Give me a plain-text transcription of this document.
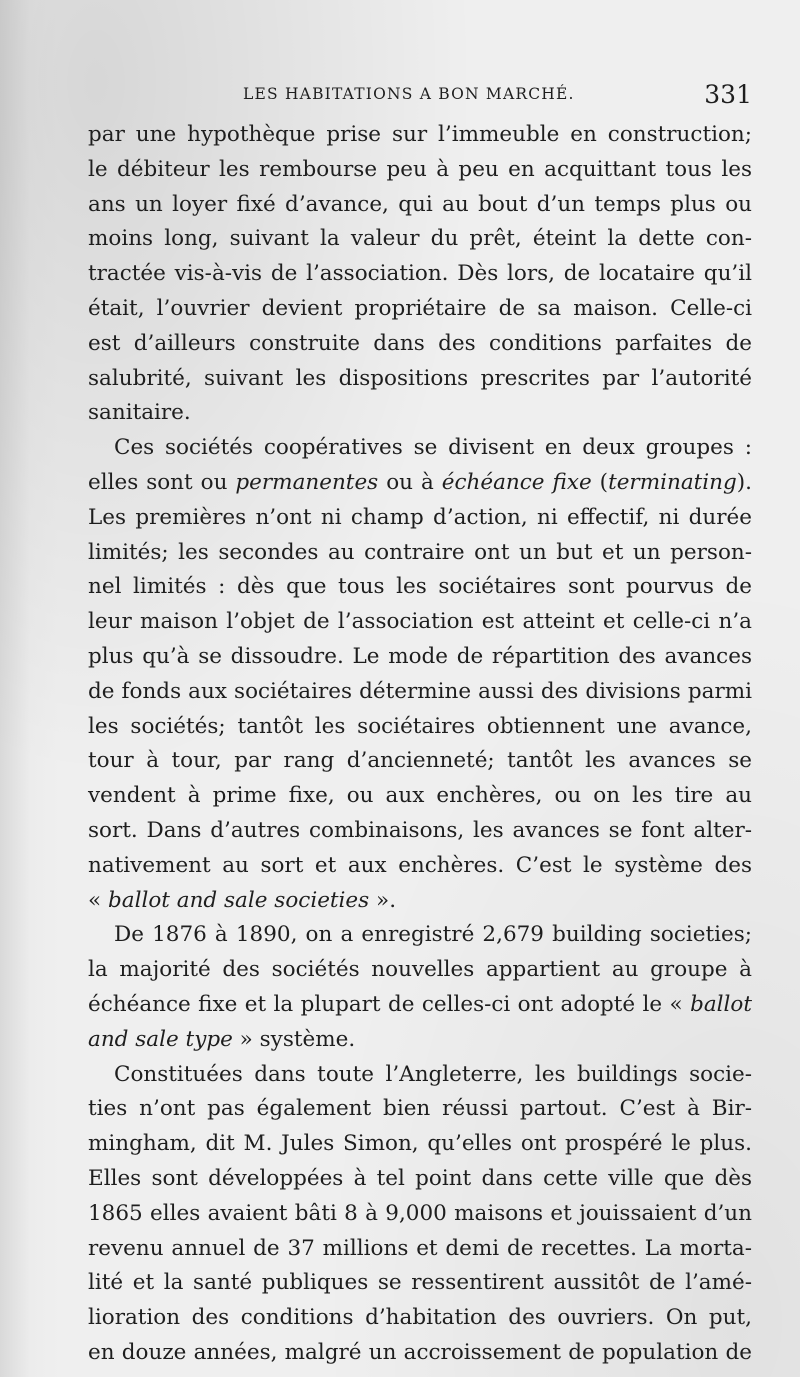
LES HABITATIONS A BON MARCHÉ.	331
par une hypothèque prise sur l’immeuble en construction;
le débiteur les rembourse peu à peu en acquittant tous les
ans un loyer fixé d’avance, qui au bout d’un temps plus ou
moins long, suivant la valeur du prêt, éteint la dette con-
tractée vis-à-vis de l’association. Dès lors, de locataire qu’il
était, l’ouvrier devient propriétaire de sa maison. Celle-ci
est d’ailleurs construite dans des conditions parfaites de
salubrité, suivant les dispositions prescrites par l’autorité
sanitaire.
Ces sociétés coopératives se divisent en deux groupes :
elles sont ou permanentes ou à échéance fixe (terminating).
Les premières n’ont ni champ d’action, ni effectif, ni durée
limités; les secondes au contraire ont un but et un person-
nel limités : dès que tous les sociétaires sont pourvus de
leur maison l’objet de l’association est atteint et celle-ci n’a
plus qu’à se dissoudre. Le mode de répartition des avances
de fonds aux sociétaires détermine aussi des divisions parmi
les sociétés; tantôt les sociétaires obtiennent une avance,
tour à tour, par rang d’ancienneté; tantôt les avances se
vendent à prime fixe, ou aux enchères, ou on les tire au
sort. Dans d’autres combinaisons, les avances se font alter-
nativement au sort et aux enchères. C’est le système des
« ballot and sale societies ».
De 1876 à 1890, on a enregistré 2,679 building societies;
la majorité des sociétés nouvelles appartient au groupe à
échéance fixe et la plupart de celles-ci ont adopté le « ballot
and sale type » système.
Constituées dans toute l’Angleterre, les buildings socie-
ties n’ont pas également bien réussi partout. C’est à Bir-
mingham, dit M. Jules Simon, qu’elles ont prospéré le plus.
Elles sont développées à tel point dans cette ville que dès
1865 elles avaient bâti 8 à 9,000 maisons et jouissaient d’un
revenu annuel de 37 millions et demi de recettes. La morta-
lité et la santé publiques se ressentirent aussitôt de l’amé-
lioration des conditions d’habitation des ouvriers. On put,
en douze années, malgré un accroissement de population de
